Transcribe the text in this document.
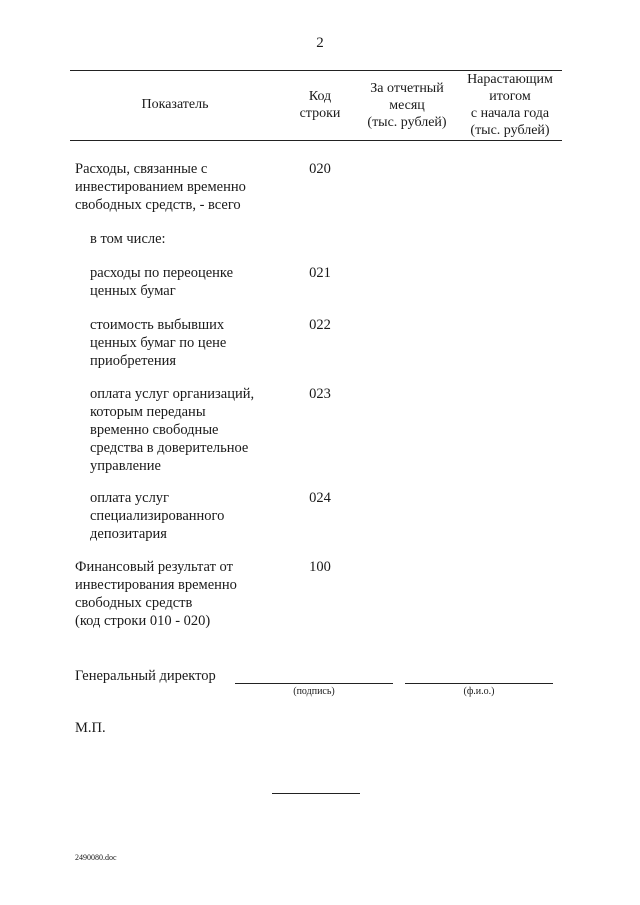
2
Показатель
Код
строки
За отчетный
месяц
(тыс. рублей)
Нарастающим
итогом
с начала года
(тыс. рублей)
Расходы, связанные с
инвестированием временно
свободных средств, - всего
020
в том числе:
расходы по переоценке
ценных бумаг
021
стоимость выбывших
ценных бумаг по цене
приобретения
022
оплата услуг организаций,
которым переданы
временно свободные
средства в доверительное
управление
023
оплата услуг
специализированного
депозитария
024
Финансовый результат от
инвестирования временно
свободных средств
(код строки 010 - 020)
100
Генеральный директор
(подпись)	(ф.и.о.)
М.П.
2490080.doc
